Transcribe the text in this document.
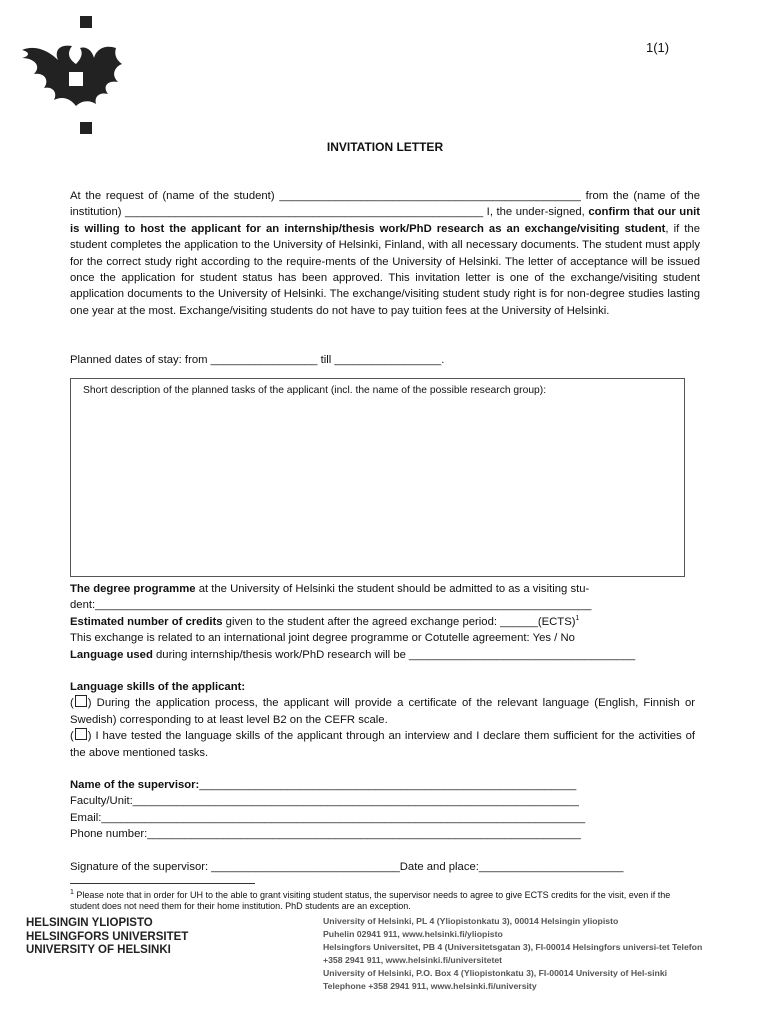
1(1)
INVITATION LETTER
At the request of (name of the student) ________________________________________________ from the (name of the institution) _________________________________________________________ I, the under-signed, confirm that our unit is willing to host the applicant for an internship/thesis work/PhD research as an exchange/visiting student, if the student completes the application to the University of Helsinki, Finland, with all necessary documents. The student must apply for the correct study right according to the require-ments of the University of Helsinki. The letter of acceptance will be issued once the application for student status has been approved. This invitation letter is one of the exchange/visiting student application documents to the University of Helsinki. The exchange/visiting student study right is for non-degree studies lasting one year at the most. Exchange/visiting students do not have to pay tuition fees at the University of Helsinki.
Planned dates of stay: from _________________ till _________________.
Short description of the planned tasks of the applicant (incl. the name of the possible research group):
The degree programme at the University of Helsinki the student should be admitted to as a visiting stu-dent:_______________________________________________________________________________
Estimated number of credits given to the student after the agreed exchange period: ______(ECTS)$^1$
This exchange is related to an international joint degree programme or Cotutelle agreement: Yes / No
Language used during internship/thesis work/PhD research will be ____________________________________
Language skills of the applicant:
( ) During the application process, the applicant will provide a certificate of the relevant language (English, Finnish or Swedish) corresponding to at least level B2 on the CEFR scale.
( ) I have tested the language skills of the applicant through an interview and I declare them sufficient for the activities of the above mentioned tasks.
Name of the supervisor:____________________________________________________________
Faculty/Unit:_______________________________________________________________________
Email:_____________________________________________________________________________
Phone number:_____________________________________________________________________
Signature of the supervisor: ______________________________Date and place:_______________________
$^1$ Please note that in order for UH to the able to grant visiting student status, the supervisor needs to agree to give ECTS credits for the visit, even if the student does not need them for their home institution. PhD students are an exception.
HELSINGIN YLIOPISTO
HELSINGFORS UNIVERSITET
UNIVERSITY OF HELSINKI
University of Helsinki, PL 4 (Yliopistonkatu 3), 00014 Helsingin yliopisto
Puhelin 02941 911, www.helsinki.fi/yliopisto
Helsingfors Universitet, PB 4 (Universitetsgatan 3), FI-00014 Helsingfors universi-tet Telefon +358 2941 911, www.helsinki.fi/universitetet
University of Helsinki, P.O. Box 4 (Yliopistonkatu 3), FI-00014 University of Hel-sinki Telephone +358 2941 911, www.helsinki.fi/university
